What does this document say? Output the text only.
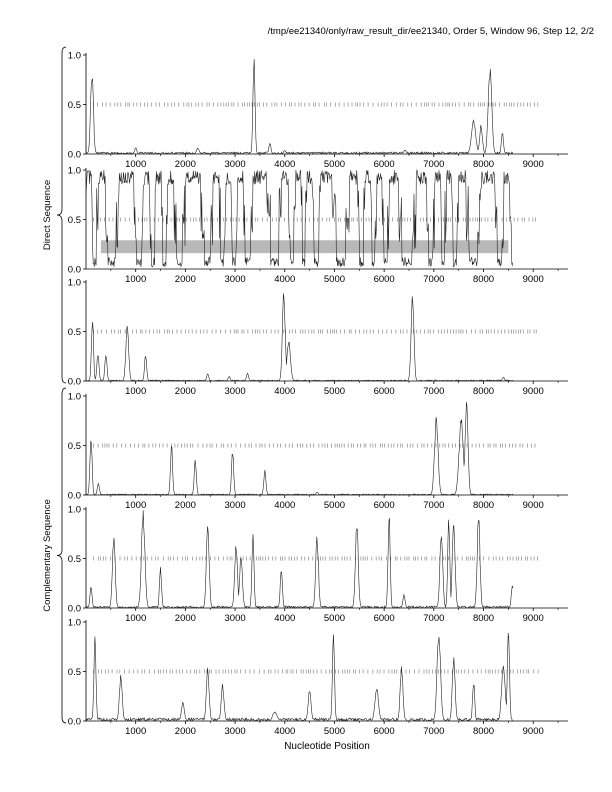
/tmp/ee21340/only/raw_result_dir/ee21340, Order 5, Window 96, Step 12, 2/2
0.0
0.5
1.0
1000	2000	3000	4000	5000	6000	7000	8000	9000
0.0
0.5
1.0
1000	2000	3000	4000	5000	6000	7000	8000	9000
0.0
0.5
1.0
1000	2000	3000	4000	5000	6000	7000	8000	9000
0.0
0.5
1.0
1000	2000	3000	4000	5000	6000	7000	8000	9000
0.0
0.5
1.0
1000	2000	3000	4000	5000	6000	7000	8000	9000
0.0
0.5
1.0
1000	2000	3000	4000	5000	6000	7000	8000	9000
Direct Sequence
Complementary Sequence
Nucleotide Position
